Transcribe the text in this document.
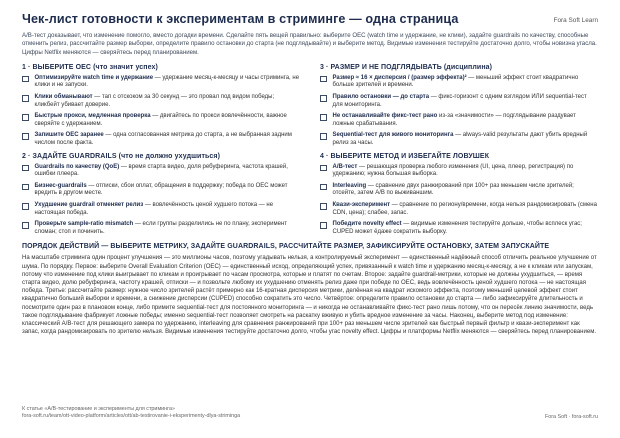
Чек-лист готовности к экспериментам в стриминге — одна страница	Fora Soft Learn
A/B-тест доказывает, что изменение помогло, вместо догадки времени. Сделайте пять вещей правильно: выберите OEC (watch time и удержание, не клики), задайте guardrails по качеству, способные отменить релиз, рассчитайте размер выборки, определите правило остановки до старта (не подглядывайте) и выберите метод. Видимые изменения тестируйте достаточно долго, чтобы новизна угасла. Цифры Netflix меняются — сверяйтесь перед планированием.
1 · ВЫБЕРИТЕ OEC (что значит успех)
Оптимизируйте watch time и удержание — удержание месяц-к-месяцу и часы стриминга, не клики и не запуски.
Клики обманывают — тап с отскоком за 30 секунд — это провал под видом победы; кликбейт убивает доверие.
Быстрые прокси, медленная проверка — двигайтесь по прокси вовлечённости, важное сверяйте с удержанием.
Запишите OEC заранее — одна согласованная метрика до старта, а не выбранная задним числом после факта.
2 · ЗАДАЙТЕ GUARDRAILS (что не должно ухудшиться)
Guardrails по качеству (QoE) — время старта видео, доля ребуферинга, частота крашей, ошибки плеера.
Бизнес-guardrails — отписки, сбои оплат, обращения в поддержку; победа по OEC может вредить в другом месте.
Ухудшение guardrail отменяет релиз — вовлечённость ценой худшего потока — не настоящая победа.
Проверьте sample-ratio mismatch — если группы разделились не по плану, эксперимент сломан; стоп и починить.
3 · РАЗМЕР И НЕ ПОДГЛЯДЫВАТЬ (дисциплина)
Размер ≈ 16 × дисперсия / (размер эффекта)² — меньший эффект стоит квадратично больше зрителей и времени.
Правило остановки — до старта — фикс-горизонт с одним взглядом ИЛИ sequential-тест для мониторинга.
Не останавливайте фикс-тест рано из-за «значимости» — подглядывание раздувает ложные срабатывания.
Sequential-тест для живого мониторинга — always-valid результаты дают убить вредный релиз за часы.
4 · ВЫБЕРИТЕ МЕТОД И ИЗБЕГАЙТЕ ЛОВУШЕК
A/B-тест — решающая проверка любого изменения (UI, цена, плеер, регистрация) по удержанию; нужна большая выборка.
Interleaving — сравнение двух ранжирований при 100+ раз меньшем числе зрителей; отсейте, затем A/B по выживаншим.
Квази-эксперимент — сравнение по региону/времени, когда нельзя рандомизировать (смена CDN, цена); слабее, запас.
Победите novelty effect — видимые изменения тестируйте дольше, чтобы всплеск угас; CUPED может ёдаже сократить выборку.
ПОРЯДОК ДЕЙСТВИЙ — ВЫБЕРИТЕ МЕТРИКУ, ЗАДАЙТЕ GUARDRAILS, РАССЧИТАЙТЕ РАЗМЕР, ЗАФИКСИРУЙТЕ ОСТАНОВКУ, ЗАТЕМ ЗАПУСКАЙТЕ
На масштабе стриминга один процент улучшения — это миллионы часов, поэтому угадывать нельзя, а контролируемый эксперимент — единственный надёжный способ отличить реальное улучшение от шума. По порядку. Первое: выберите Overall Evaluation Criterion (OEC) — единственный исход, определяющий успех, привязанный к watch time и удержанию месяц-к-месяцу, а не к кликам или запускам, потому что изменение под клики выигрывает по кликам и проигрывает по часам просмотра, которые и платят по счетам. Второе: задайте guardrail-метрики, которые не должны ухудшиться, — время старта видео, долю ребуферинга, частоту крашей, отписки — и позвольте любому их ухудшению отменять релиз даже при победе по OEC, ведь вовлечённость ценой худшего потока — не настоящая победа. Третье: рассчитайте размер: нужное число зрителей растёт примерно как 16-кратная дисперсия метрики, делённая на квадрат искомого эффекта, поэтому меньший целевой эффект стоит квадратично больший выборки и времени, а снижение дисперсии (CUPED) способно сократить это число. Четвёртое: определите правило остановки до старта — либо зафиксируйте длительность и посмотрите один раз в плановом конце, либо примите sequential-тест для постоянного мониторинга — и никогда не останавливайте фикс-тест рано лишь потому, что он пересёк линию значимости, ведь такое подглядывание фабрикует ложные победы; именно sequential-тест позволяет смотреть на раскатку вживую и убить вредное изменение за часы. Наконец, выберите метод под изменение: классический A/B-тест для решающего замера по удержанию, interleaving для сравнения ранжирований при 100+ раз меньшем числе зрителей как быстрый первый фильтр и квази-эксперимент как запас, когда рандомизировать по зрителю нельзя. Видимые изменения тестируйте достаточно долго, чтобы угас novelty effect. Цифры и платформы Netflix меняются — сверяйтесь перед планированием.
К статье «A/B-тестирование и эксперименты для стриминга»
fora-soft.ru/team/ott-video-platform/articles/ott/ab-testirovanie-i-eksperimenty-dlya-strimingа	Fora Soft · fora-soft.ru
